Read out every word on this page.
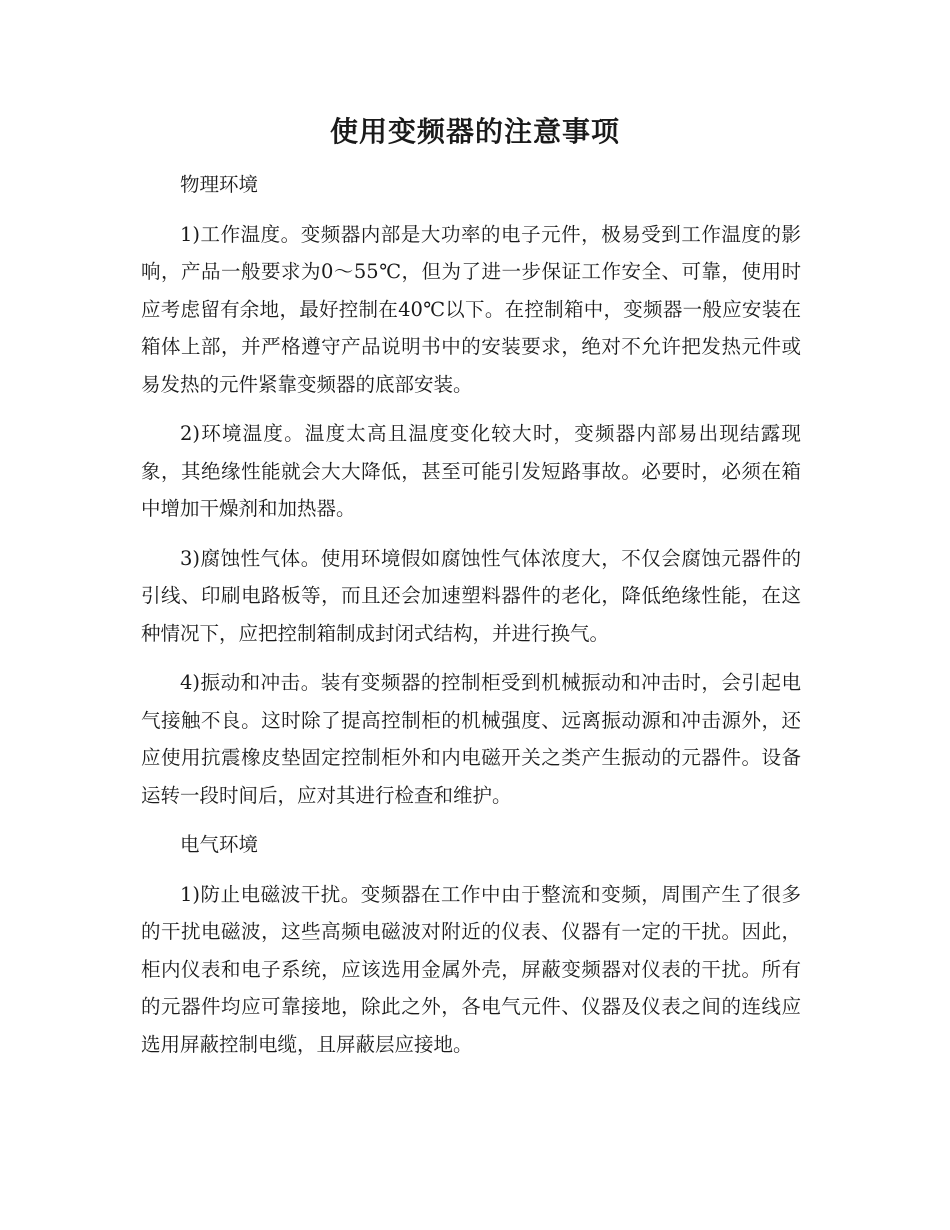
使用变频器的注意事项

物理环境

1)工作温度。变频器内部是大功率的电子元件，极易受到工作温度的影响，产品一般要求为0～55℃，但为了进一步保证工作安全、可靠，使用时应考虑留有余地，最好控制在40℃以下。在控制箱中，变频器一般应安装在箱体上部，并严格遵守产品说明书中的安装要求，绝对不允许把发热元件或易发热的元件紧靠变频器的底部安装。

2)环境温度。温度太高且温度变化较大时，变频器内部易出现结露现象，其绝缘性能就会大大降低，甚至可能引发短路事故。必要时，必须在箱中增加干燥剂和加热器。

3)腐蚀性气体。使用环境假如腐蚀性气体浓度大，不仅会腐蚀元器件的引线、印刷电路板等，而且还会加速塑料器件的老化，降低绝缘性能，在这种情况下，应把控制箱制成封闭式结构，并进行换气。

4)振动和冲击。装有变频器的控制柜受到机械振动和冲击时，会引起电气接触不良。这时除了提高控制柜的机械强度、远离振动源和冲击源外，还应使用抗震橡皮垫固定控制柜外和内电磁开关之类产生振动的元器件。设备运转一段时间后，应对其进行检查和维护。

电气环境

1)防止电磁波干扰。变频器在工作中由于整流和变频，周围产生了很多的干扰电磁波，这些高频电磁波对附近的仪表、仪器有一定的干扰。因此，柜内仪表和电子系统，应该选用金属外壳，屏蔽变频器对仪表的干扰。所有的元器件均应可靠接地，除此之外，各电气元件、仪器及仪表之间的连线应选用屏蔽控制电缆，且屏蔽层应接地。
